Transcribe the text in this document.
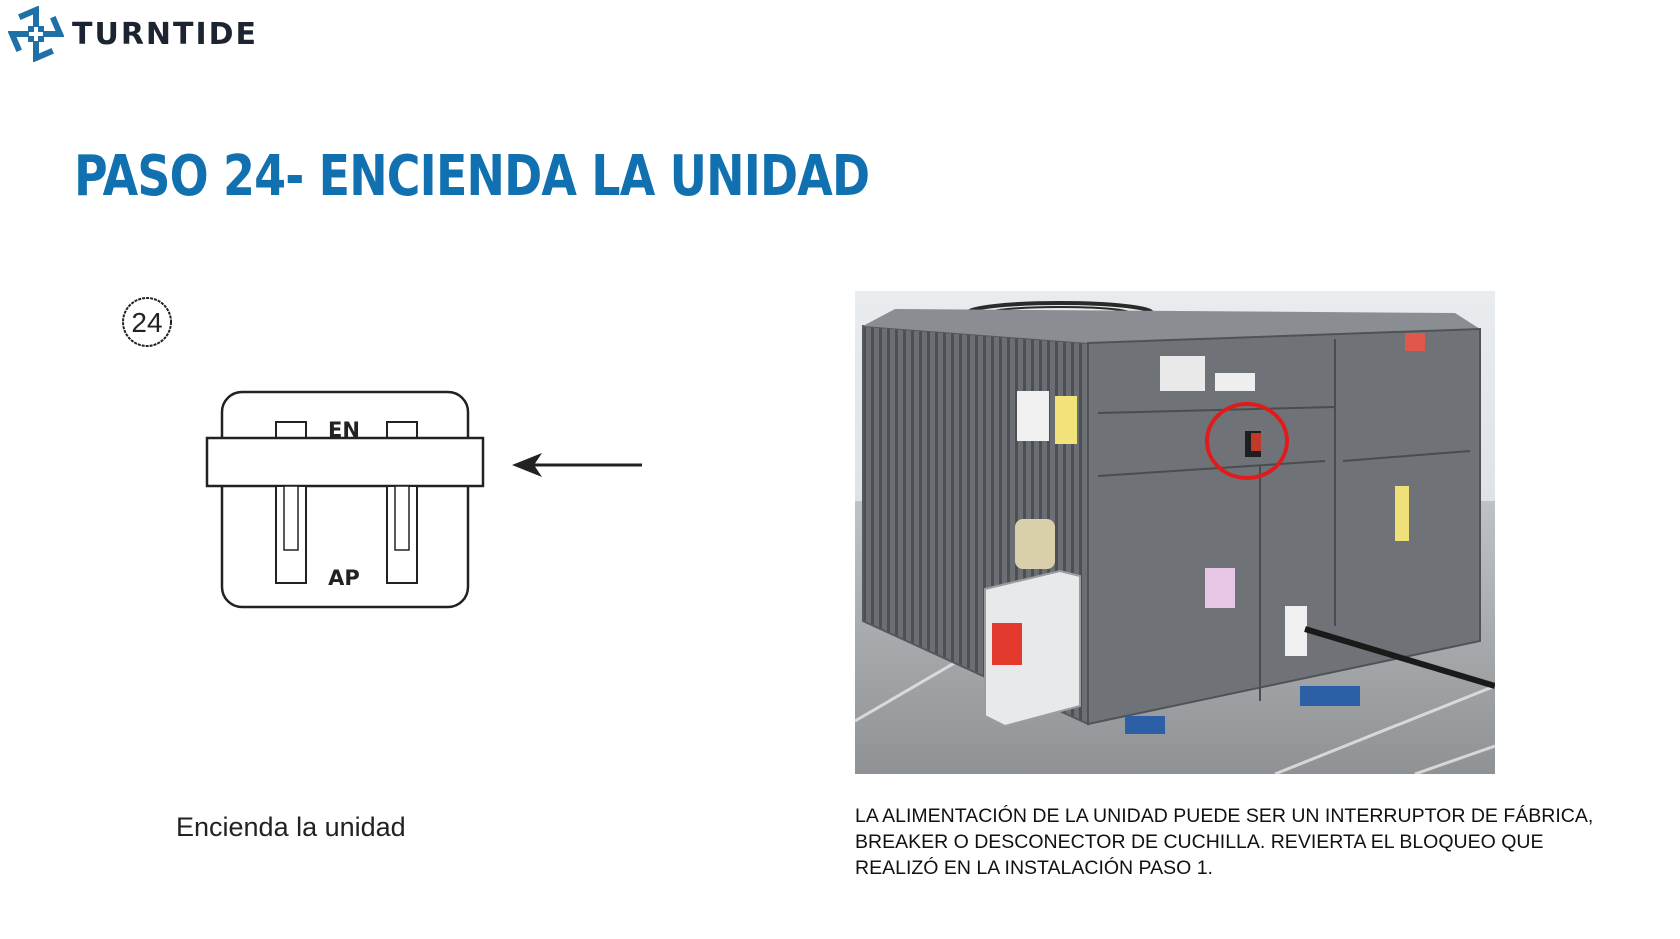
TURNTIDE
PASO 24- ENCIENDA LA UNIDAD
24
EN
AP
Encienda la unidad	LA ALIMENTACIÓN DE LA UNIDAD PUEDE SER UN INTERRUPTOR DE FÁBRICA, BREAKER O DESCONECTOR DE CUCHILLA. REVIERTA EL BLOQUEO QUE REALIZÓ EN LA INSTALACIÓN PASO 1.
